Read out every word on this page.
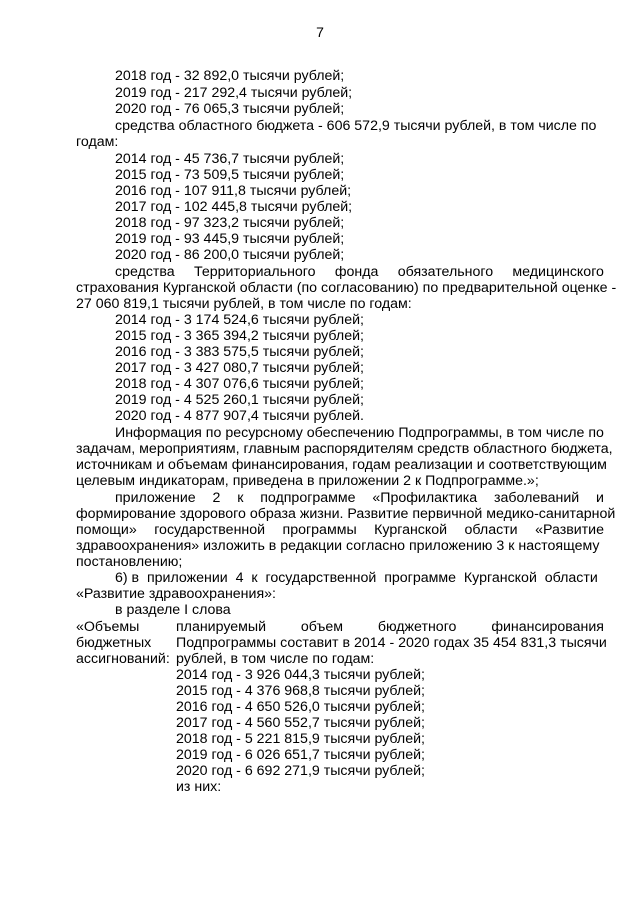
7
2018 год - 32 892,0 тысячи рублей;
2019 год - 217 292,4 тысячи рублей;
2020 год - 76 065,3 тысячи рублей;
средства областного бюджета - 606 572,9 тысячи рублей, в том числе по
годам:
2014 год - 45 736,7 тысячи рублей;
2015 год - 73 509,5 тысячи рублей;
2016 год - 107 911,8 тысячи рублей;
2017 год - 102 445,8 тысячи рублей;
2018 год - 97 323,2 тысячи рублей;
2019 год - 93 445,9 тысячи рублей;
2020 год - 86 200,0 тысячи рублей;
средства Территориального фонда обязательного медицинского
страхования Курганской области (по согласованию) по предварительной оценке -
27 060 819,1 тысячи рублей, в том числе по годам:
2014 год - 3 174 524,6 тысячи рублей;
2015 год - 3 365 394,2 тысячи рублей;
2016 год - 3 383 575,5 тысячи рублей;
2017 год - 3 427 080,7 тысячи рублей;
2018 год - 4 307 076,6 тысячи рублей;
2019 год - 4 525 260,1 тысячи рублей;
2020 год - 4 877 907,4 тысячи рублей.
Информация по ресурсному обеспечению Подпрограммы, в том числе по
задачам, мероприятиям, главным распорядителям средств областного бюджета,
источникам и объемам финансирования, годам реализации и соответствующим
целевым индикаторам, приведена в приложении 2 к Подпрограмме.»;
приложение 2 к подпрограмме «Профилактика заболеваний и
формирование здорового образа жизни. Развитие первичной медико-санитарной
помощи» государственной программы Курганской области «Развитие
здравоохранения» изложить в редакции согласно приложению 3 к настоящему
постановлению;
6) в  приложении  4  к  государственной  программе  Курганской  области
«Развитие здравоохранения»:
в разделе I слова
«Объемы
бюджетных
ассигнований:
планируемый объем бюджетного финансирования
Подпрограммы составит в 2014 - 2020 годах 35 454 831,3 тысячи
рублей, в том числе по годам:
2014 год - 3 926 044,3 тысячи рублей;
2015 год - 4 376 968,8 тысячи рублей;
2016 год - 4 650 526,0 тысячи рублей;
2017 год - 4 560 552,7 тысячи рублей;
2018 год - 5 221 815,9 тысячи рублей;
2019 год - 6 026 651,7 тысячи рублей;
2020 год - 6 692 271,9 тысячи рублей;
из них:
